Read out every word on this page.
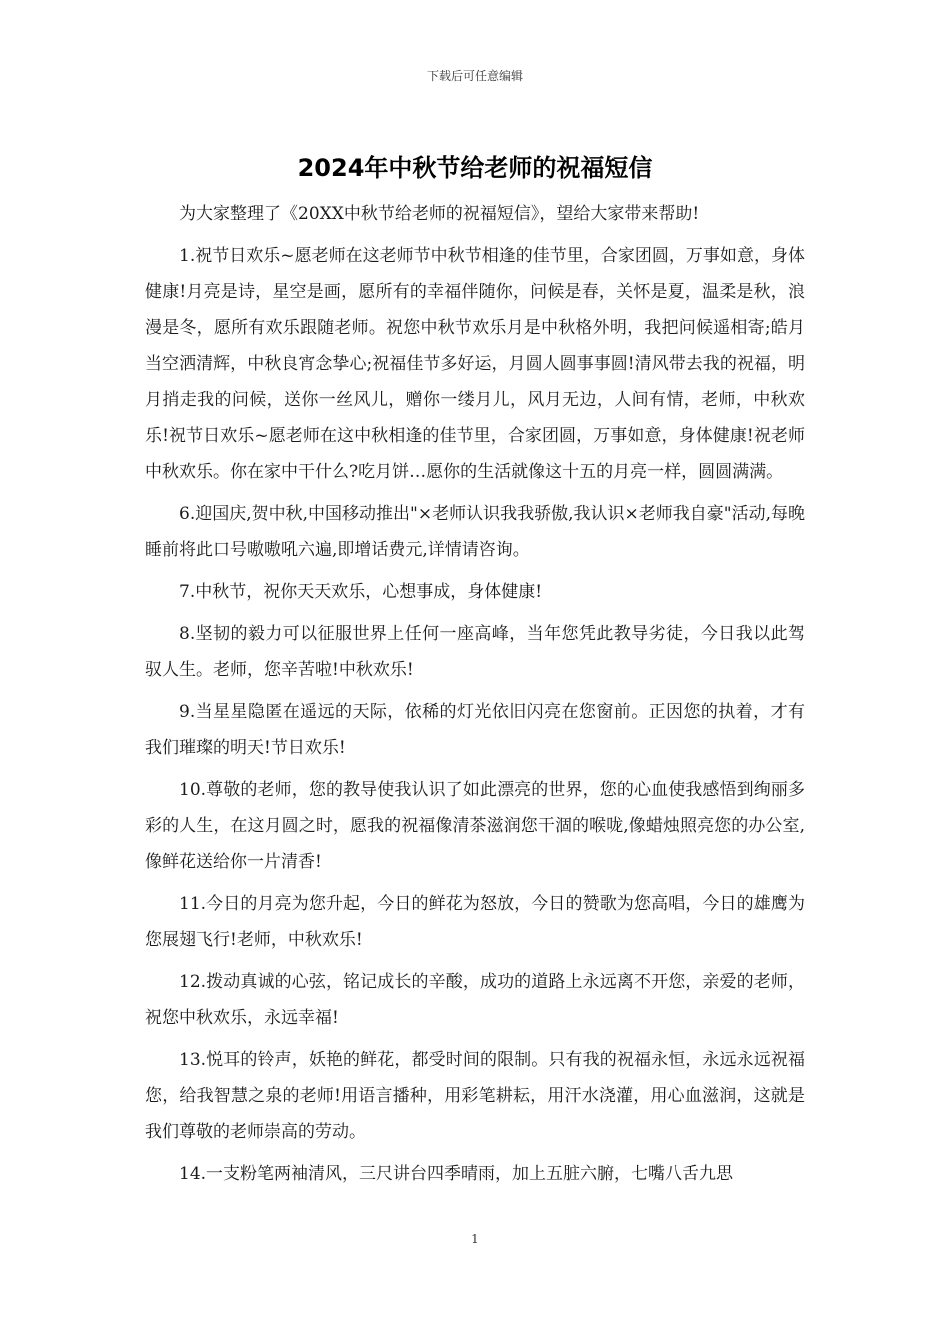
下载后可任意编辑
2024年中秋节给老师的祝福短信

为大家整理了《20XX中秋节给老师的祝福短信》，望给大家带来帮助!

1.祝节日欢乐~愿老师在这老师节中秋节相逢的佳节里，合家团圆，万事如意，身体健康!月亮是诗，星空是画，愿所有的幸福伴随你，问候是春，关怀是夏，温柔是秋，浪漫是冬，愿所有欢乐跟随老师。祝您中秋节欢乐月是中秋格外明，我把问候遥相寄;皓月当空洒清辉，中秋良宵念挚心;祝福佳节多好运，月圆人圆事事圆!清风带去我的祝福，明月捎走我的问候，送你一丝风儿，赠你一缕月儿，风月无边，人间有情，老师，中秋欢乐!祝节日欢乐~愿老师在这中秋相逢的佳节里，合家团圆，万事如意，身体健康!祝老师中秋欢乐。你在家中干什么?吃月饼…愿你的生活就像这十五的月亮一样，圆圆满满。

6.迎国庆,贺中秋,中国移动推出"×老师认识我我骄傲,我认识×老师我自豪"活动,每晚睡前将此口号嗷嗷吼六遍,即增话费元,详情请咨询。

7.中秋节，祝你天天欢乐，心想事成，身体健康!

8.坚韧的毅力可以征服世界上任何一座高峰，当年您凭此教导劣徒，今日我以此驾驭人生。老师，您辛苦啦!中秋欢乐!

9.当星星隐匿在遥远的天际，依稀的灯光依旧闪亮在您窗前。正因您的执着，才有我们璀璨的明天!节日欢乐!

10.尊敬的老师，您的教导使我认识了如此漂亮的世界，您的心血使我感悟到绚丽多彩的人生，在这月圆之时，愿我的祝福像清茶滋润您干涸的喉咙,像蜡烛照亮您的办公室,像鲜花送给你一片清香!

11.今日的月亮为您升起，今日的鲜花为怒放，今日的赞歌为您高唱，今日的雄鹰为您展翅飞行!老师，中秋欢乐!

12.拨动真诚的心弦，铭记成长的辛酸，成功的道路上永远离不开您，亲爱的老师，祝您中秋欢乐，永远幸福!

13.悦耳的铃声，妖艳的鲜花，都受时间的限制。只有我的祝福永恒，永远永远祝福您，给我智慧之泉的老师!用语言播种，用彩笔耕耘，用汗水浇灌，用心血滋润，这就是我们尊敬的老师崇高的劳动。

14.一支粉笔两袖清风，三尺讲台四季晴雨，加上五脏六腑，七嘴八舌九思

1
